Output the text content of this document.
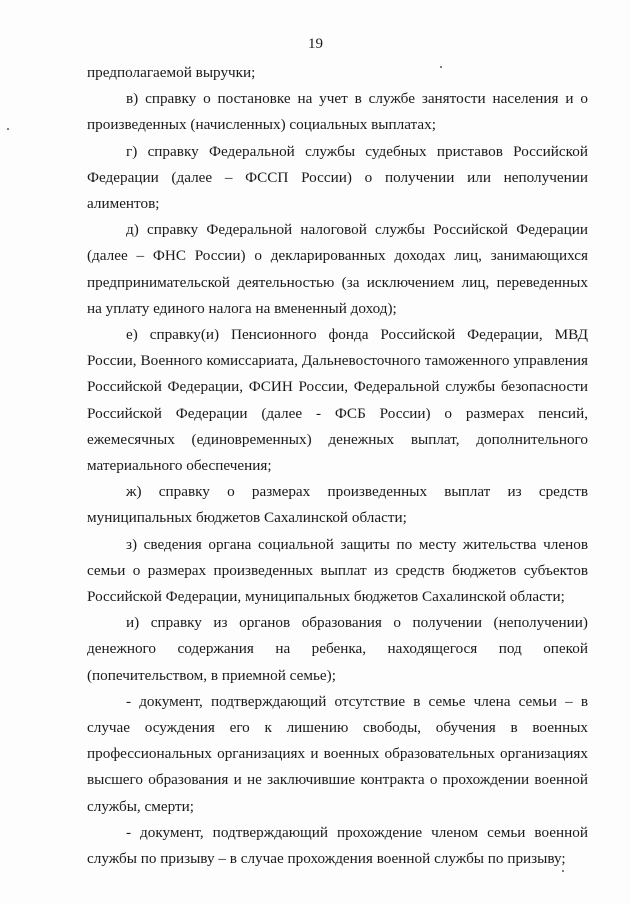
19

предполагаемой выручки;

в) справку о постановке на учет в службе занятости населения и о произведенных (начисленных) социальных выплатах;

г) справку Федеральной службы судебных приставов Российской Федерации (далее – ФССП России) о получении или неполучении алиментов;

д) справку Федеральной налоговой службы Российской Федерации (далее – ФНС России) о декларированных доходах лиц, занимающихся предпринимательской деятельностью (за исключением лиц, переведенных на уплату единого налога на вмененный доход);

е) справку(и) Пенсионного фонда Российской Федерации, МВД России, Военного комиссариата, Дальневосточного таможенного управления Российской Федерации, ФСИН России, Федеральной службы безопасности Российской Федерации (далее - ФСБ России) о размерах пенсий, ежемесячных (единовременных) денежных выплат, дополнительного материального обеспечения;

ж) справку о размерах произведенных выплат из средств муниципальных бюджетов Сахалинской области;

з) сведения органа социальной защиты по месту жительства членов семьи о размерах произведенных выплат из средств бюджетов субъектов Российской Федерации, муниципальных бюджетов Сахалинской области;

и) справку из органов образования о получении (неполучении) денежного содержания на ребенка, находящегося под опекой (попечительством, в приемной семье);

- документ, подтверждающий отсутствие в семье члена семьи – в случае осуждения его к лишению свободы, обучения в военных профессиональных организациях и военных образовательных организациях высшего образования и не заключившие контракта о прохождении военной службы, смерти;

- документ, подтверждающий прохождение членом семьи военной службы по призыву – в случае прохождения военной службы по призыву;
